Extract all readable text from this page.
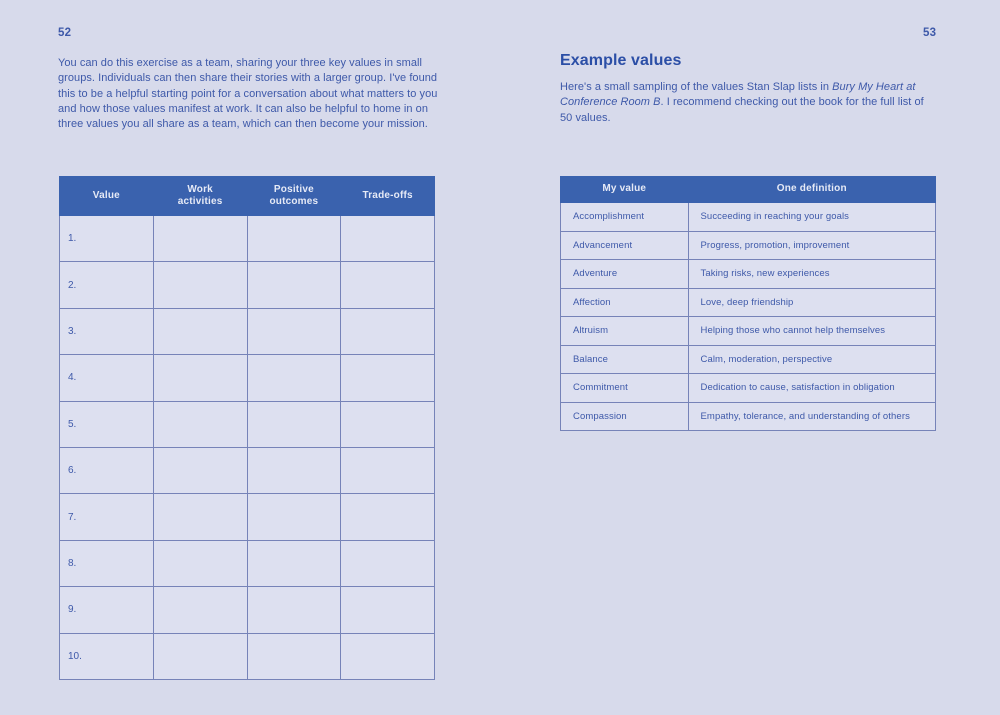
52
You can do this exercise as a team, sharing your three key values in small groups. Individuals can then share their stories with a larger group. I've found this to be a helpful starting point for a conversation about what matters to you and how those values manifest at work. It can also be helpful to home in on three values you all share as a team, which can then become your mission.
Value	Work activities	Positive outcomes	Trade-offs
1.			
2.			
3.			
4.			
5.			
6.			
7.			
8.			
9.			
10.			
53
Example values
Here's a small sampling of the values Stan Slap lists in Bury My Heart at Conference Room B. I recommend checking out the book for the full list of 50 values.
My value	One definition
Accomplishment	Succeeding in reaching your goals
Advancement	Progress, promotion, improvement
Adventure	Taking risks, new experiences
Affection	Love, deep friendship
Altruism	Helping those who cannot help themselves
Balance	Calm, moderation, perspective
Commitment	Dedication to cause, satisfaction in obligation
Compassion	Empathy, tolerance, and understanding of others
